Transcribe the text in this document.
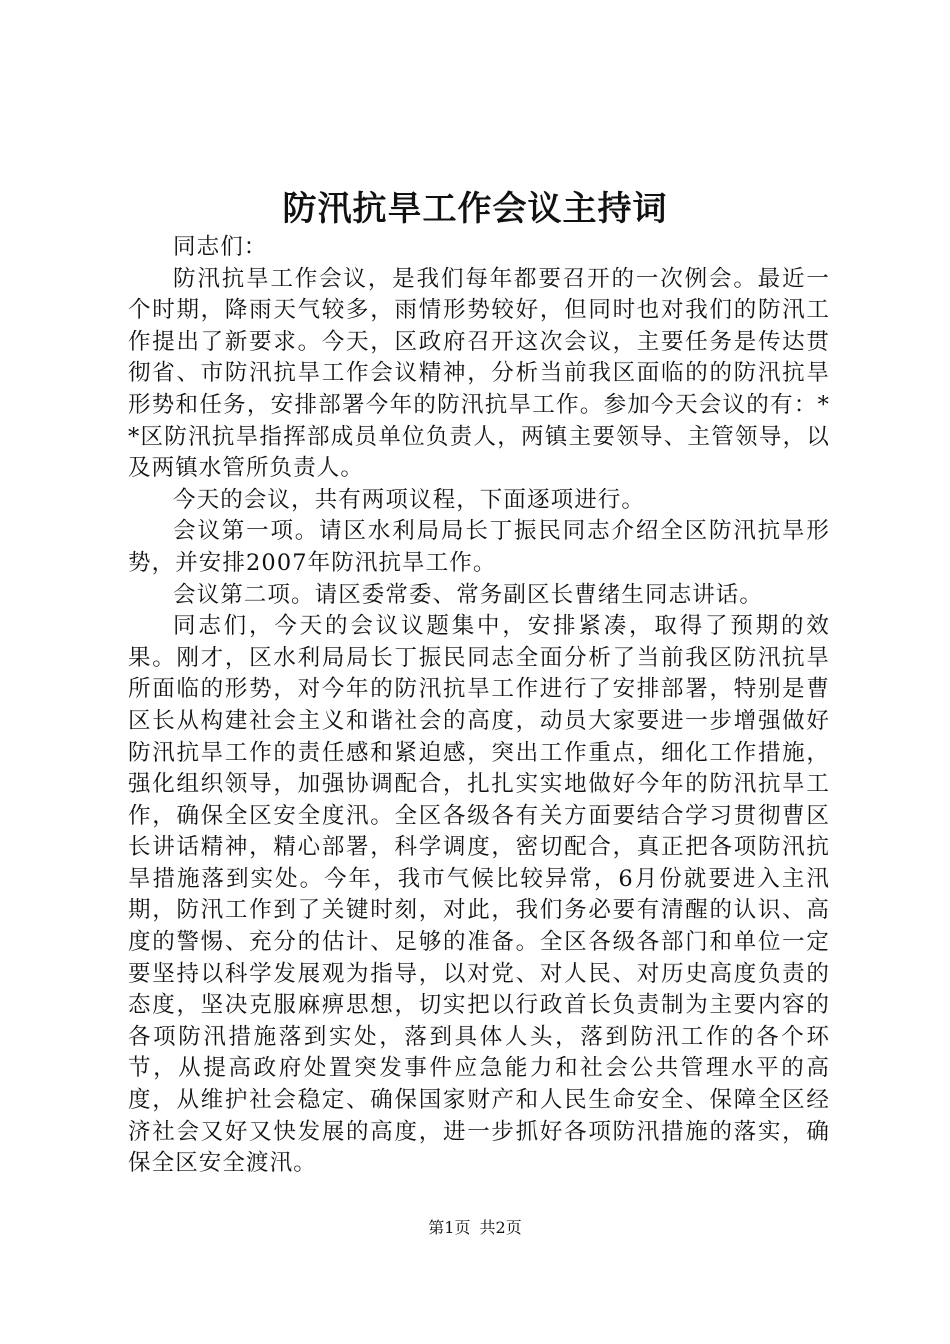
防汛抗旱工作会议主持词

同志们：

防汛抗旱工作会议，是我们每年都要召开的一次例会。最近一个时期，降雨天气较多，雨情形势较好，但同时也对我们的防汛工作提出了新要求。今天，区政府召开这次会议，主要任务是传达贯彻省、市防汛抗旱工作会议精神，分析当前我区面临的的防汛抗旱形势和任务，安排部署今年的防汛抗旱工作。参加今天会议的有：**区防汛抗旱指挥部成员单位负责人，两镇主要领导、主管领导，以及两镇水管所负责人。

今天的会议，共有两项议程，下面逐项进行。

会议第一项。请区水利局局长丁振民同志介绍全区防汛抗旱形势，并安排2007年防汛抗旱工作。

会议第二项。请区委常委、常务副区长曹绪生同志讲话。

同志们，今天的会议议题集中，安排紧凑，取得了预期的效果。刚才，区水利局局长丁振民同志全面分析了当前我区防汛抗旱所面临的形势，对今年的防汛抗旱工作进行了安排部署，特别是曹区长从构建社会主义和谐社会的高度，动员大家要进一步增强做好防汛抗旱工作的责任感和紧迫感，突出工作重点，细化工作措施，强化组织领导，加强协调配合，扎扎实实地做好今年的防汛抗旱工作，确保全区安全度汛。全区各级各有关方面要结合学习贯彻曹区长讲话精神，精心部署，科学调度，密切配合，真正把各项防汛抗旱措施落到实处。今年，我市气候比较异常，6月份就要进入主汛期，防汛工作到了关键时刻，对此，我们务必要有清醒的认识、高度的警惕、充分的估计、足够的准备。全区各级各部门和单位一定要坚持以科学发展观为指导，以对党、对人民、对历史高度负责的态度，坚决克服麻痹思想，切实把以行政首长负责制为主要内容的各项防汛措施落到实处，落到具体人头，落到防汛工作的各个环节，从提高政府处置突发事件应急能力和社会公共管理水平的高度，从维护社会稳定、确保国家财产和人民生命安全、保障全区经济社会又好又快发展的高度，进一步抓好各项防汛措施的落实，确保全区安全渡汛。

第1页 共2页
